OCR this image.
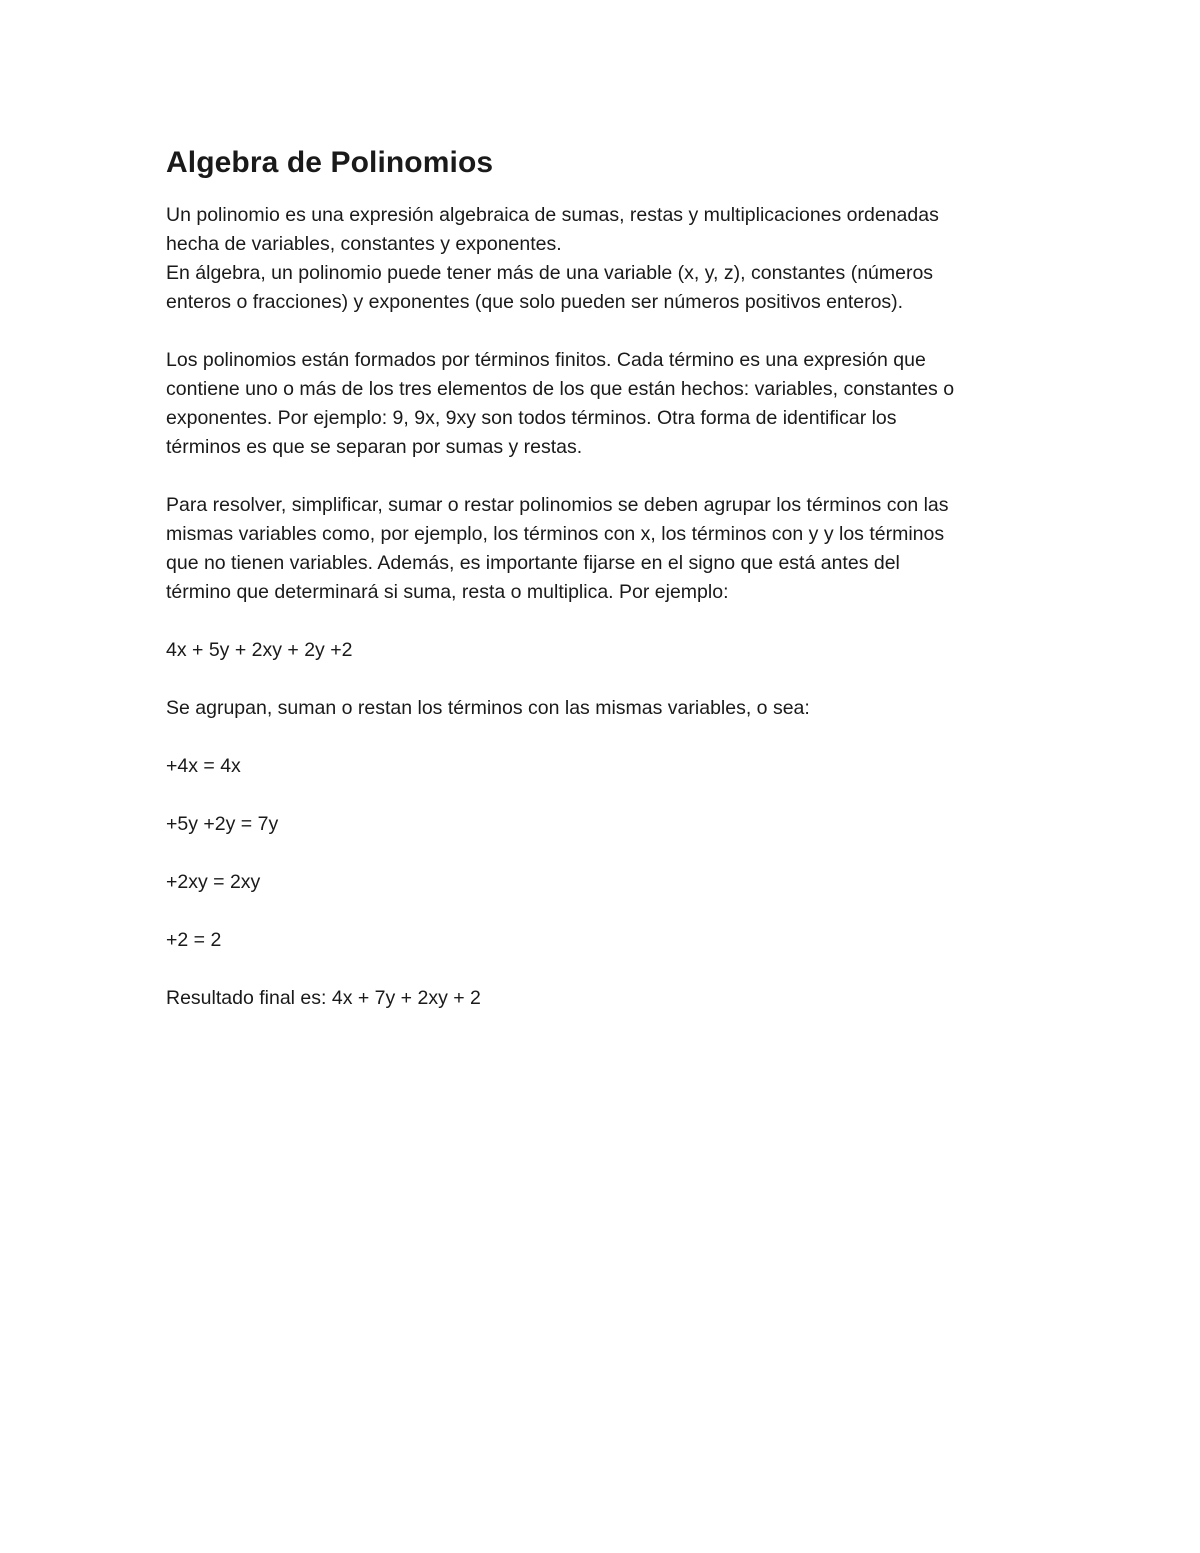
Algebra de Polinomios

Un polinomio es una expresión algebraica de sumas, restas y multiplicaciones ordenadas

hecha de variables, constantes y exponentes.

En álgebra, un polinomio puede tener más de una variable (x, y, z), constantes (números

enteros o fracciones) y exponentes (que solo pueden ser números positivos enteros).

Los polinomios están formados por términos finitos. Cada término es una expresión que

contiene uno o más de los tres elementos de los que están hechos: variables, constantes o

exponentes. Por ejemplo: 9, 9x, 9xy son todos términos. Otra forma de identificar los

términos es que se separan por sumas y restas.

Para resolver, simplificar, sumar o restar polinomios se deben agrupar los términos con las

mismas variables como, por ejemplo, los términos con x, los términos con y y los términos

que no tienen variables. Además, es importante fijarse en el signo que está antes del

término que determinará si suma, resta o multiplica. Por ejemplo:

4x + 5y + 2xy + 2y +2

Se agrupan, suman o restan los términos con las mismas variables, o sea:

+4x = 4x

+5y +2y = 7y

+2xy = 2xy

+2 = 2

Resultado final es: 4x + 7y + 2xy + 2
